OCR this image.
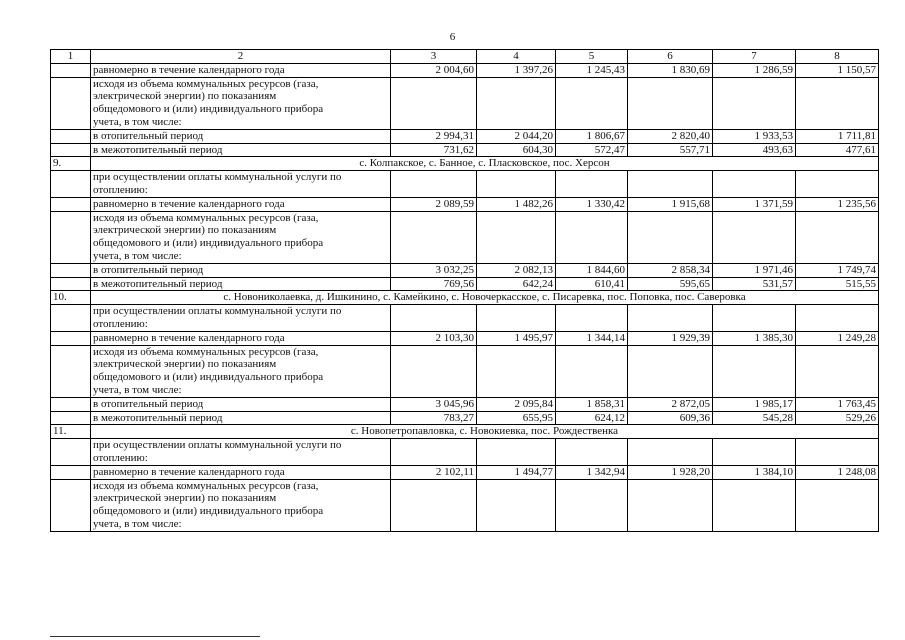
6
1	2	3	4	5	6	7	8
	равномерно в течение календарного года	2 004,60	1 397,26	1 245,43	1 830,69	1 286,59	1 150,57
	исходя из объема коммунальных ресурсов (газа,
электрической энергии) по показаниям
общедомового и (или) индивидуального прибора
учета, в том числе:						
	в отопительный период	2 994,31	2 044,20	1 806,67	2 820,40	1 933,53	1 711,81
	в межотопительный период	731,62	604,30	572,47	557,71	493,63	477,61
9.	с. Колпакское, с. Банное, с. Пласковское, пос. Херсон						
	при осуществлении оплаты коммунальной услуги по
отоплению:						
	равномерно в течение календарного года	2 089,59	1 482,26	1 330,42	1 915,68	1 371,59	1 235,56
	исходя из объема коммунальных ресурсов (газа,
электрической энергии) по показаниям
общедомового и (или) индивидуального прибора
учета, в том числе:						
	в отопительный период	3 032,25	2 082,13	1 844,60	2 858,34	1 971,46	1 749,74
	в межотопительный период	769,56	642,24	610,41	595,65	531,57	515,55
10.	с. Новониколаевка, д. Ишкинино, с. Камейкино, с. Новочеркасское, с. Писаревка, пос. Поповка, пос. Саверовка						
	при осуществлении оплаты коммунальной услуги по
отоплению:						
	равномерно в течение календарного года	2 103,30	1 495,97	1 344,14	1 929,39	1 385,30	1 249,28
	исходя из объема коммунальных ресурсов (газа,
электрической энергии) по показаниям
общедомового и (или) индивидуального прибора
учета, в том числе:						
	в отопительный период	3 045,96	2 095,84	1 858,31	2 872,05	1 985,17	1 763,45
	в межотопительный период	783,27	655,95	624,12	609,36	545,28	529,26
11.	с. Новопетропавловка, с. Новокиевка, пос. Рождественка						
	при осуществлении оплаты коммунальной услуги по
отоплению:						
	равномерно в течение календарного года	2 102,11	1 494,77	1 342,94	1 928,20	1 384,10	1 248,08
	исходя из объема коммунальных ресурсов (газа,
электрической энергии) по показаниям
общедомового и (или) индивидуального прибора
учета, в том числе:						
